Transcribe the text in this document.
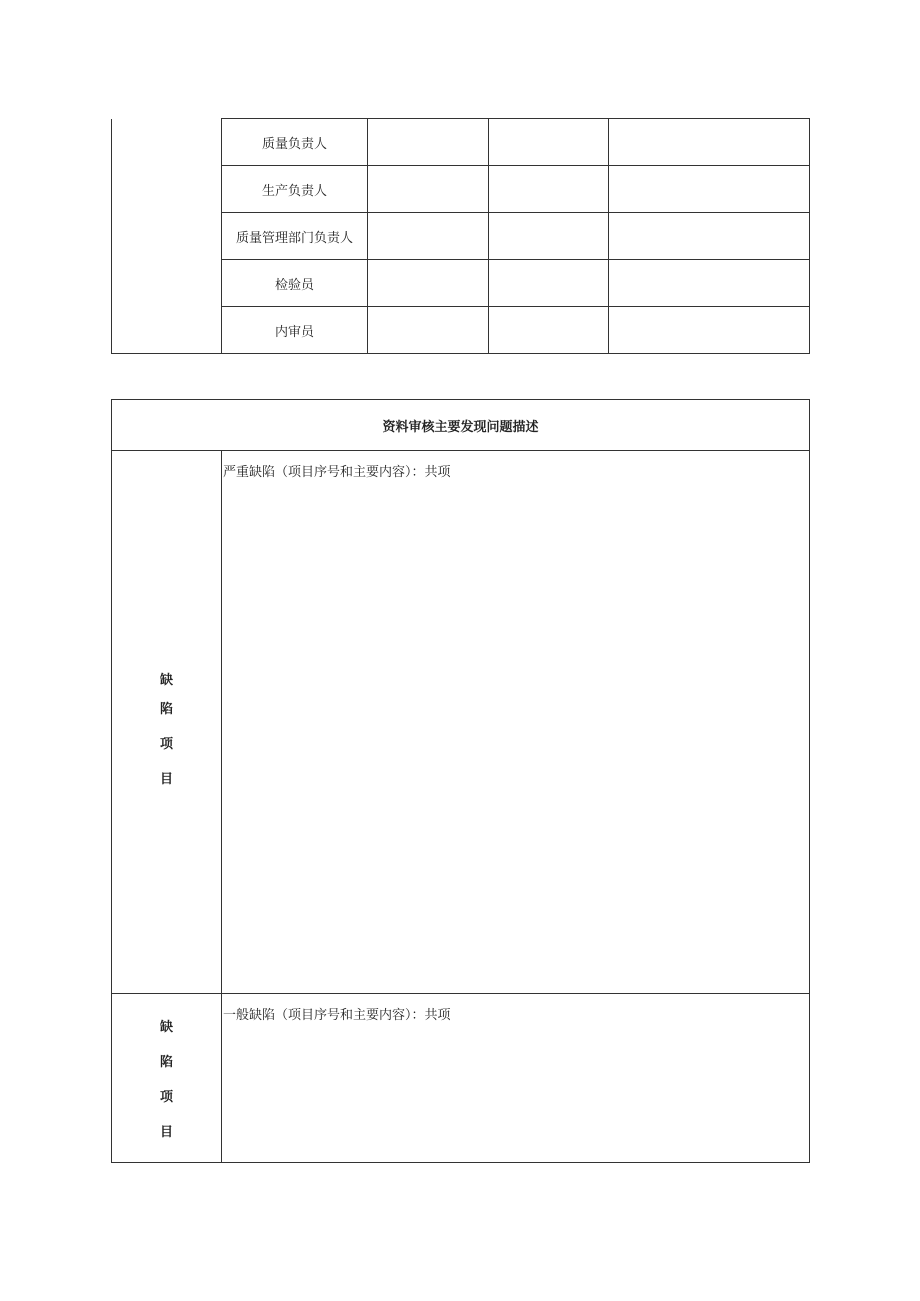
	质量负责人			
	生产负责人			
	质量管理部门负责人			
	检验员			
	内审员			
资料审核主要发现问题描述	

缺
陷
项
目	严重缺陷（项目序号和主要内容）：共项

缺
陷
项
目	一般缺陷（项目序号和主要内容）：共项
